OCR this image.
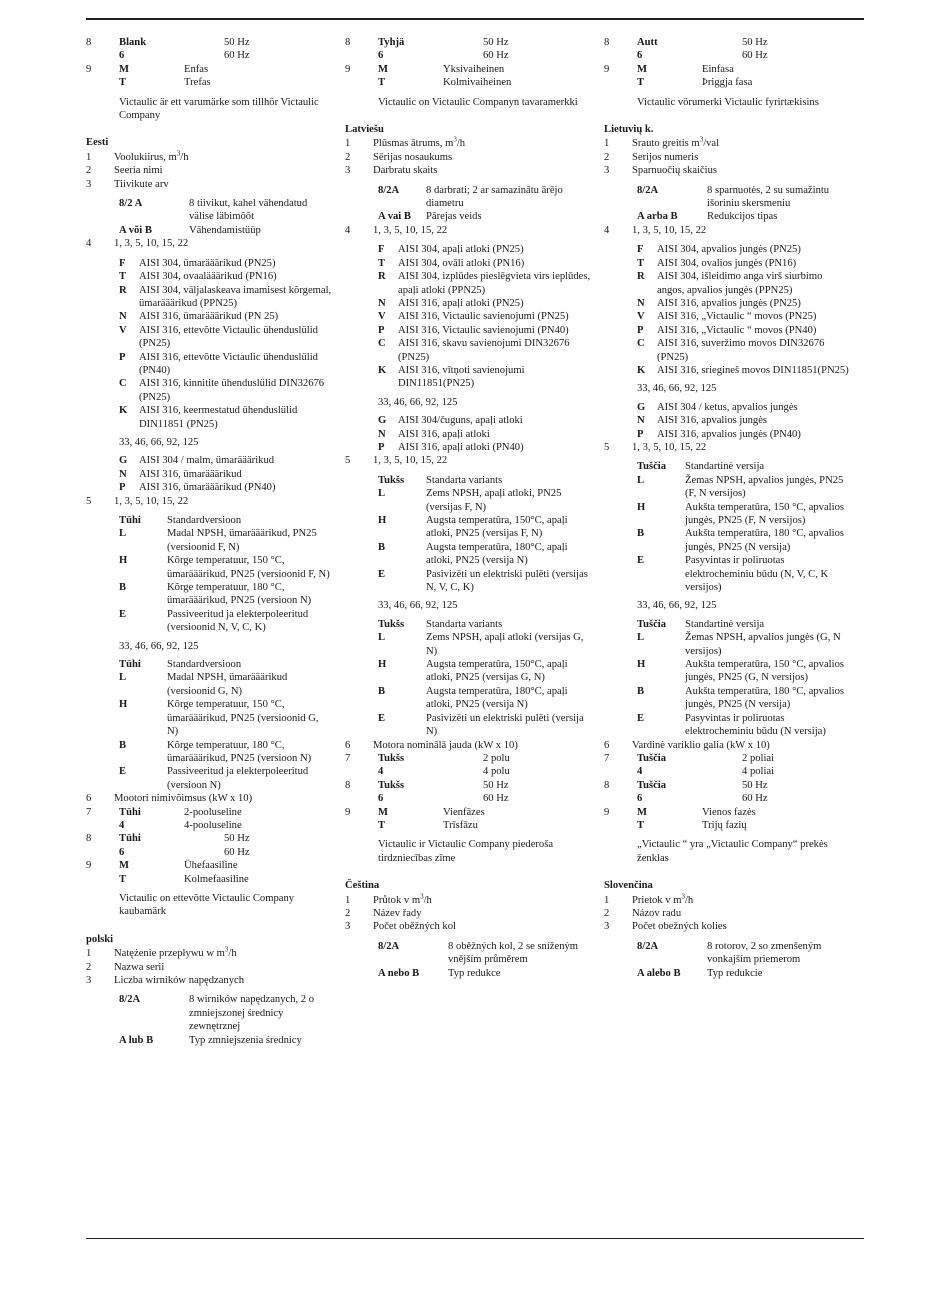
8	Blank	50 Hz
6	60 Hz
9	M	Enfas
T	Trefas
Victaulic är ett varumärke som tillhör Victaulic Company
Eesti
1	Voolukiirus, $m^3/h$
2	Seeria nimi
3	Tiivikute arv
8/2 A	8 tiivikut, kahel vähendatud välise läbimõõt
A või B	Vähendamistüüp
4	1, 3, 5, 10, 15, 22
F	AISI 304, ümarääärikud (PN25)
T	AISI 304, ovaalääärikud (PN16)
R	AISI 304, väljalaskeava imamisest kõrgemal, ümarääärikud (PPN25)
N	AISI 316, ümarääärikud (PN 25)
V	AISI 316, ettevõtte Victaulic ühenduslülid (PN25)
P	AISI 316, ettevõtte Victaulic ühenduslülid (PN40)
C	AISI 316, kinnitite ühenduslülid DIN32676 (PN25)
K	AISI 316, keermestatud ühenduslülid DIN11851 (PN25)
33, 46, 66, 92, 125
G	AISI 304 / malm, ümarääärikud
N	AISI 316, ümarääärikud
P	AISI 316, ümarääärikud (PN40)
5	1, 3, 5, 10, 15, 22
Tühi	Standardversioon
L	Madal NPSH, ümarääärikud, PN25 (versioonid F, N)
H	Kõrge temperatuur, 150 °C, ümarääärikud, PN25 (versioonid F, N)
B	Kõrge temperatuur, 180 °C, ümarääärikud, PN25 (versioon N)
E	Passiveeritud ja elekterpoleeritud (versioonid N, V, C, K)
33, 46, 66, 92, 125
Tühi	Standardversioon
L	Madal NPSH, ümarääärikud (versioonid G, N)
H	Kõrge temperatuur, 150 °C, ümarääärikud, PN25 (versioonid G, N)
B	Kõrge temperatuur, 180 °C, ümarääärikud, PN25 (versioon N)
E	Passiveeritud ja elekterpoleeritud (versioon N)
6	Mootori nimivõimsus (kW x 10)
7	Tühi	2-pooluseline
4	4-pooluseline
8	Tühi	50 Hz
6	60 Hz
9	M	Ühefaasiline
T	Kolmefaasiline
Victaulic on ettevõtte Victaulic Company kaubamärk
polski
1	Natężenie przepływu w $m^3/h$
2	Nazwa serii
3	Liczba wirników napędzanych
8/2A	8 wirników napędzanych, 2 o zmniejszonej średnicy zewnętrznej
A lub B	Typ zmniejszenia średnicy
8	Tyhjä	50 Hz
6	60 Hz
9	M	Yksivaiheinen
T	Kolmivaiheinen
Victaulic on Victaulic Companyn tavaramerkki
Latviešu
1	Plūsmas ātrums, $m^3/h$
2	Sērijas nosaukums
3	Darbratu skaits
8/2A	8 darbrati; 2 ar samazinātu ārējo diametru
A vai B	Pārejas veids
4	1, 3, 5, 10, 15, 22
F	AISI 304, apaļi atloki (PN25)
T	AISI 304, ovāli atloki (PN16)
R	AISI 304, izplūdes pieslēgvieta virs ieplūdes, apaļi atloki (PPN25)
N	AISI 316, apaļi atloki (PN25)
V	AISI 316, Victaulic savienojumi (PN25)
P	AISI 316, Victaulic savienojumi (PN40)
C	AISI 316, skavu savienojumi DIN32676 (PN25)
K	AISI 316, vītņoti savienojumi DIN11851(PN25)
33, 46, 66, 92, 125
G	AISI 304/čuguns, apaļi atloki
N	AISI 316, apaļi atloki
P	AISI 316, apaļi atloki (PN40)
5	1, 3, 5, 10, 15, 22
Tukšs	Standarta variants
L	Zems NPSH, apaļi atloki, PN25 (versijas F, N)
H	Augsta temperatūra, 150°C, apaļi atloki, PN25 (versijas F, N)
B	Augsta temperatūra, 180°C, apaļi atloki, PN25 (versija N)
E	Pasivizēti un elektriski pulēti (versijas N, V, C, K)
33, 46, 66, 92, 125
Tukšs	Standarta variants
L	Zems NPSH, apaļi atloki (versijas G, N)
H	Augsta temperatūra, 150°C, apaļi atloki, PN25 (versijas G, N)
B	Augsta temperatūra, 180°C, apaļi atloki, PN25 (versija N)
E	Pasivizēti un elektriski pulēti (versija N)
6	Motora nominālā jauda (kW x 10)
7	Tukšs	2 polu
4	4 polu
8	Tukšs	50 Hz
6	60 Hz
9	M	Vienfāzes
T	Trīsfāzu
Victaulic ir Victaulic Company piederoša tirdzniecības zīme
Čeština
1	Průtok v $m^3/h$
2	Název řady
3	Počet oběžných kol
8/2A	8 oběžných kol, 2 se sníženým vnějším průměrem
A nebo B	Typ redukce
8	Autt	50 Hz
6	60 Hz
9	M	Einfasa
T	Þriggja fasa
Victaulic vörumerki Victaulic fyrirtækisins
Lietuvių k.
1	Srauto greitis $m^3$/val
2	Serijos numeris
3	Sparnuočių skaičius
8/2A	8 sparnuotės, 2 su sumažintu išoriniu skersmeniu
A arba B	Redukcijos tipas
4	1, 3, 5, 10, 15, 22
F	AISI 304, apvalios jungės (PN25)
T	AISI 304, ovalios jungės (PN16)
R	AISI 304, išleidimo anga virš siurbimo angos, apvalios jungės (PPN25)
N	AISI 316, apvalios jungės (PN25)
V	AISI 316, „Victaulic “ movos (PN25)
P	AISI 316, „Victaulic “ movos (PN40)
C	AISI 316, suveržimo movos DIN32676 (PN25)
K	AISI 316, sriegineš movos DIN11851(PN25)
33, 46, 66, 92, 125
G	AISI 304 / ketus, apvalios jungės
N	AISI 316, apvalios jungės
P	AISI 316, apvalios jungės (PN40)
5	1, 3, 5, 10, 15, 22
Tuščia	Standartinė versija
L	Žemas NPSH, apvalios jungės, PN25 (F, N versijos)
H	Aukšta temperatūra, 150 °C, apvalios jungės, PN25 (F, N versijos)
B	Aukšta temperatūra, 180 °C, apvalios jungės, PN25 (N versija)
E	Pasyvintas ir poliruotas elektrocheminiu būdu (N, V, C, K versijos)
33, 46, 66, 92, 125
Tuščia	Standartinė versija
L	Žemas NPSH, apvalios jungės (G, N versijos)
H	Aukšta temperatūra, 150 °C, apvalios jungės, PN25 (G, N versijos)
B	Aukšta temperatūra, 180 °C, apvalios jungės, PN25 (N versija)
E	Pasyvintas ir poliruotas elektrocheminiu būdu (N versija)
6	Vardinė variklio galia (kW x 10)
7	Tuščia	2 poliai
4	4 poliai
8	Tuščia	50 Hz
6	60 Hz
9	M	Vienos fazės
T	Trijų fazių
„Victaulic “ yra „Victaulic Company“ prekės ženklas
Slovenčina
1	Prietok v $m^3/h$
2	Názov radu
3	Počet obežných kolies
8/2A	8 rotorov, 2 so zmenšeným vonkajším priemerom
A alebo B	Typ redukcie
